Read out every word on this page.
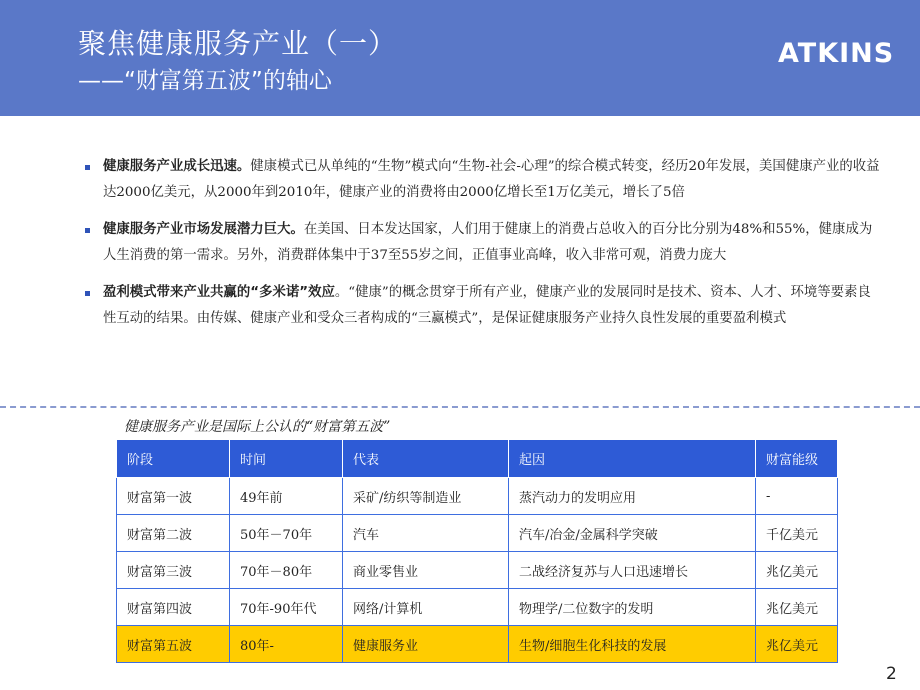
聚焦健康服务产业（一）
——“财富第五波”的轴心
ATKINS
健康服务产业成长迅速。健康模式已从单纯的“生物”模式向“生物-社会-心理”的综合模式转变，经历20年发展，美国健康产业的收益达2000亿美元，从2000年到2010年，健康产业的消费将由2000亿增长至1万亿美元，增长了5倍
健康服务产业市场发展潜力巨大。在美国、日本发达国家，人们用于健康上的消费占总收入的百分比分别为48%和55%，健康成为人生消费的第一需求。另外，消费群体集中于37至55岁之间，正值事业高峰，收入非常可观，消费力庞大
盈利模式带来产业共赢的“多米诺”效应。“健康”的概念贯穿于所有产业，健康产业的发展同时是技术、资本、人才、环境等要素良性互动的结果。由传媒、健康产业和受众三者构成的“三赢模式”，是保证健康服务产业持久良性发展的重要盈利模式
健康服务产业是国际上公认的“财富第五波”
阶段	时间	代表	起因	财富能级
财富第一波	49年前	采矿/纺织等制造业	蒸汽动力的发明应用	-
财富第二波	50年－70年	汽车	汽车/冶金/金属科学突破	千亿美元
财富第三波	70年－80年	商业零售业	二战经济复苏与人口迅速增长	兆亿美元
财富第四波	70年-90年代	网络/计算机	物理学/二位数字的发明	兆亿美元
财富第五波	80年-	健康服务业	生物/细胞生化科技的发展	兆亿美元
2
